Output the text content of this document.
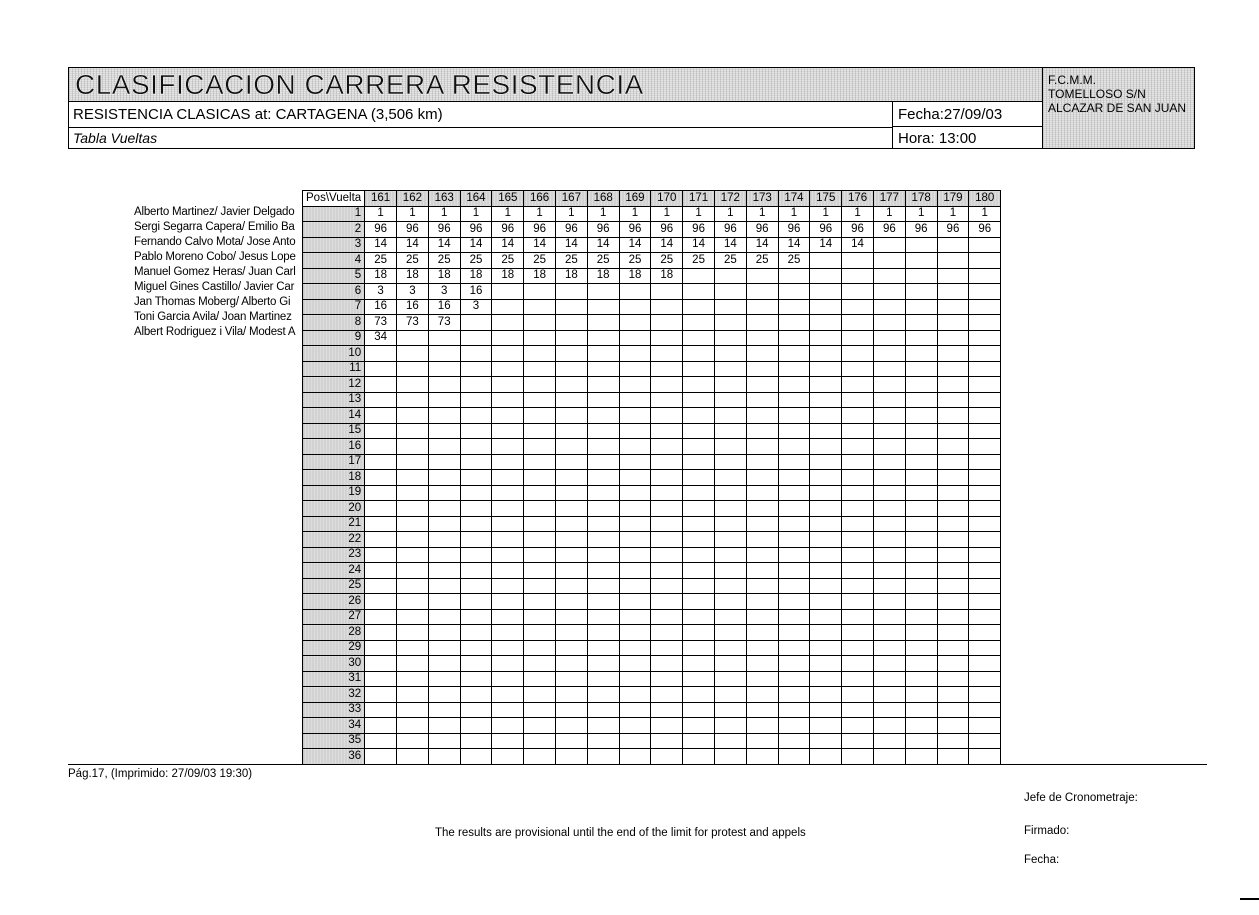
CLASIFICACION CARRERA RESISTENCIA
RESISTENCIA CLASICAS at: CARTAGENA (3,506 km)
Tabla Vueltas
Fecha:27/09/03
Hora: 13:00
F.C.M.M.
TOMELLOSO S/N
ALCAZAR DE SAN JUAN
Alberto Martinez/ Javier Delgado
Sergi Segarra Capera/ Emilio Ba
Fernando Calvo Mota/ Jose Anto
Pablo Moreno Cobo/ Jesus Lope
Manuel Gomez Heras/ Juan Carl
Miguel Gines Castillo/ Javier Car
Jan Thomas Moberg/ Alberto Gi
Toni Garcia Avila/ Joan Martinez
Albert Rodriguez i Vila/ Modest A
Pos\Vuelta	161	162	163	164	165	166	167	168	169	170	171	172	173	174	175	176	177	178	179	180
1	1	1	1	1	1	1	1	1	1	1	1	1	1	1	1	1	1	1	1	1
2	96	96	96	96	96	96	96	96	96	96	96	96	96	96	96	96	96	96	96	96
3	14	14	14	14	14	14	14	14	14	14	14	14	14	14	14	14				
4	25	25	25	25	25	25	25	25	25	25	25	25	25	25						
5	18	18	18	18	18	18	18	18	18	18										
6	3	3	3	16																
7	16	16	16	3																
8	73	73	73																	
9	34																			
10																				
11																				
12																				
13																				
14																				
15																				
16																				
17																				
18																				
19																				
20																				
21																				
22																				
23																				
24																				
25																				
26																				
27																				
28																				
29																				
30																				
31																				
32																				
33																				
34																				
35																				
36																				
Pág.17, (Imprimido: 27/09/03 19:30)
The results are provisional until the end of the limit for protest and appels
Jefe de Cronometraje:
Firmado:
Fecha:
